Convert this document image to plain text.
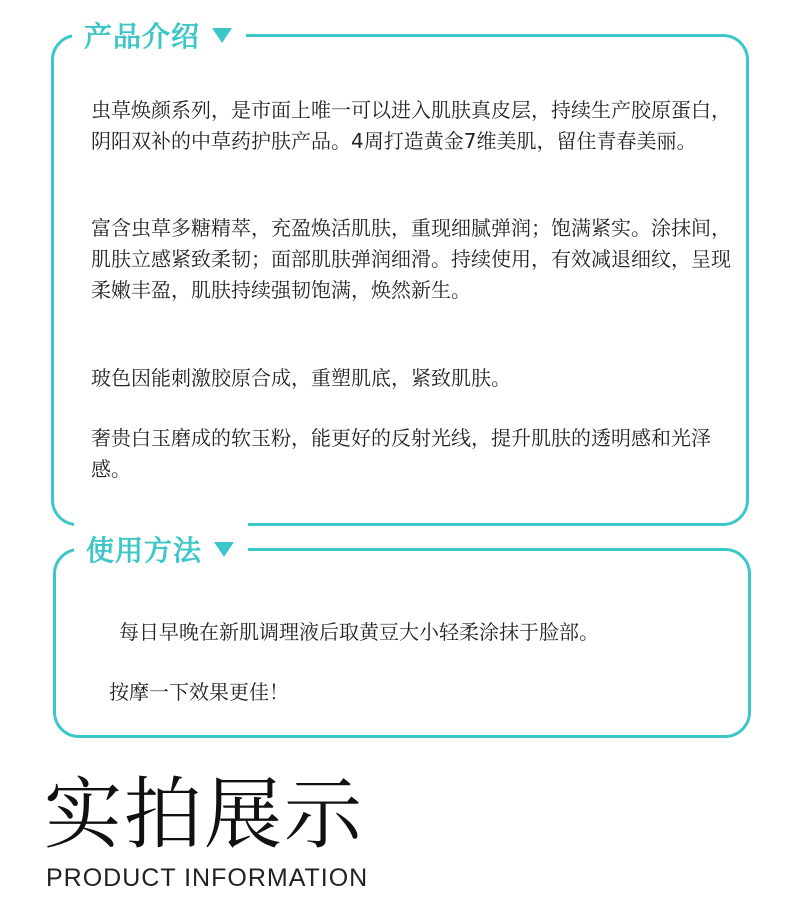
产品介绍

虫草焕颜系列，是市面上唯一可以进入肌肤真皮层，持续生产胶原蛋白，阴阳双补的中草药护肤产品。4周打造黄金7维美肌，留住青春美丽。

富含虫草多糖精萃，充盈焕活肌肤，重现细腻弹润；饱满紧实。涂抹间，肌肤立感紧致柔韧；面部肌肤弹润细滑。持续使用，有效减退细纹，呈现柔嫩丰盈，肌肤持续强韧饱满，焕然新生。

玻色因能刺激胶原合成，重塑肌底，紧致肌肤。

奢贵白玉磨成的软玉粉，能更好的反射光线，提升肌肤的透明感和光泽感。

使用方法

每日早晚在新肌调理液后取黄豆大小轻柔涂抹于脸部。

按摩一下效果更佳！

实拍展示

PRODUCT INFORMATION
